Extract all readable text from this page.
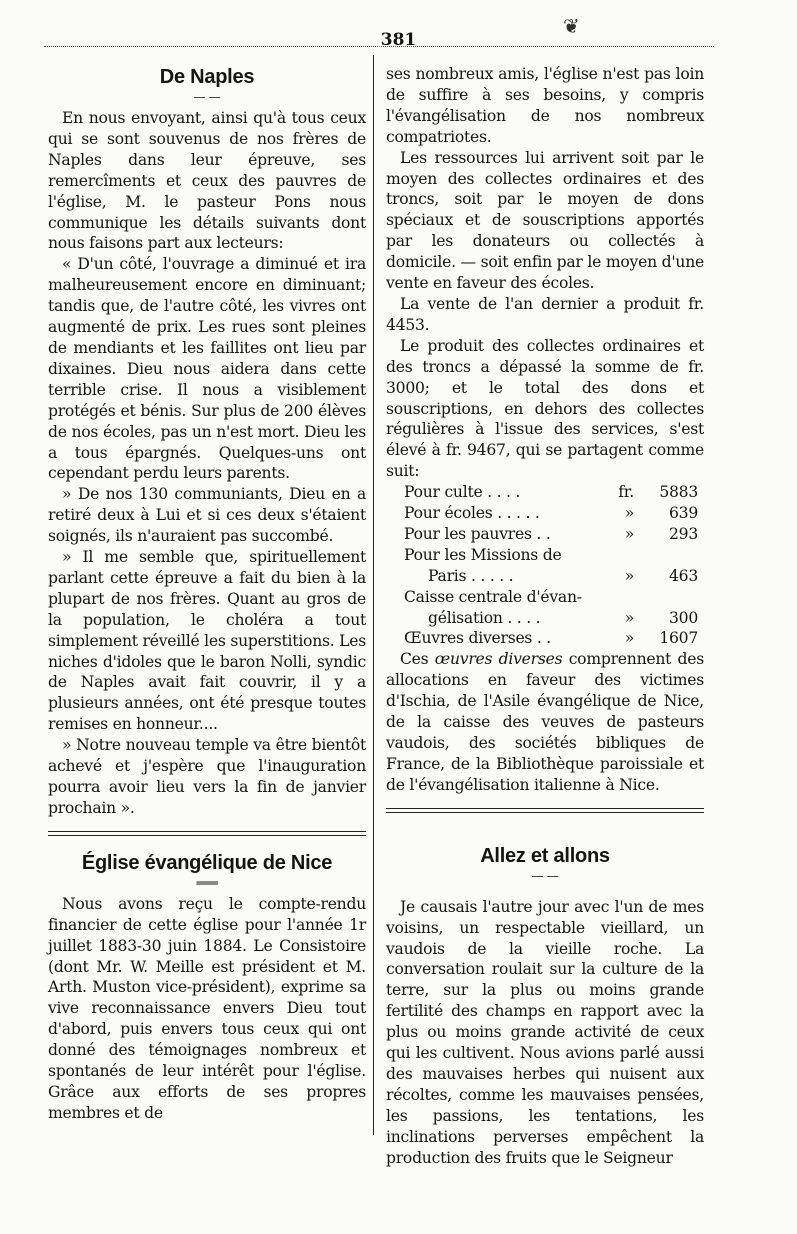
❦
381
De Naples
— —

En nous envoyant, ainsi qu'à tous ceux qui se sont souvenus de nos frères de Naples dans leur épreuve, ses remercîments et ceux des pauvres de l'église, M. le pasteur Pons nous communique les détails suivants dont nous faisons part aux lecteurs:

« D'un côté, l'ouvrage a diminué et ira malheureusement encore en diminuant; tandis que, de l'autre côté, les vivres ont augmenté de prix. Les rues sont pleines de mendiants et les faillites ont lieu par dixaines. Dieu nous aidera dans cette terrible crise. Il nous a visiblement protégés et bénis. Sur plus de 200 élèves de nos écoles, pas un n'est mort. Dieu les a tous épargnés. Quelques-uns ont cependant perdu leurs parents.

» De nos 130 communiants, Dieu en a retiré deux à Lui et si ces deux s'étaient soignés, ils n'auraient pas succombé.

» Il me semble que, spirituellement parlant cette épreuve a fait du bien à la plupart de nos frères. Quant au gros de la population, le choléra a tout simplement réveillé les superstitions. Les niches d'idoles que le baron Nolli, syndic de Naples avait fait couvrir, il y a plusieurs années, ont été presque toutes remises en honneur....

» Notre nouveau temple va être bientôt achevé et j'espère que l'inauguration pourra avoir lieu vers la fin de janvier prochain ».

Église évangélique de Nice
═══

Nous avons reçu le compte-rendu financier de cette église pour l'année 1r juillet 1883-30 juin 1884. Le Consistoire (dont Mr. W. Meille est président et M. Arth. Muston vice-président), exprime sa vive reconnaissance envers Dieu tout d'abord, puis envers tous ceux qui ont donné des témoignages nombreux et spontanés de leur intérêt pour l'église. Grâce aux efforts de ses propres membres et de

ses nombreux amis, l'église n'est pas loin de suffire à ses besoins, y compris l'évangélisation de nos nombreux compatriotes.

Les ressources lui arrivent soit par le moyen des collectes ordinaires et des troncs, soit par le moyen de dons spéciaux et de souscriptions apportés par les donateurs ou collectés à domicile. — soit enfin par le moyen d'une vente en faveur des écoles.

La vente de l'an dernier a produit fr. 4453.

Le produit des collectes ordinaires et des troncs a dépassé la somme de fr. 3000; et le total des dons et souscriptions, en dehors des collectes régulières à l'issue des services, s'est élevé à fr. 9467, qui se partagent comme suit:

Pour culte . . . .	fr.	5883
Pour écoles . . . . .	»	639
Pour les pauvres . .	»	293
Pour les Missions de		
Paris . . . . .	»	463
Caisse centrale d'évan-		
gélisation . . . .	»	300
Œuvres diverses . .	»	1607

Ces œuvres diverses comprennent des allocations en faveur des victimes d'Ischia, de l'Asile évangélique de Nice, de la caisse des veuves de pasteurs vaudois, des sociétés bibliques de France, de la Bibliothèque paroissiale et de l'évangélisation italienne à Nice.

Allez et allons
— —

Je causais l'autre jour avec l'un de mes voisins, un respectable vieillard, un vaudois de la vieille roche. La conversation roulait sur la culture de la terre, sur la plus ou moins grande fertilité des champs en rapport avec la plus ou moins grande activité de ceux qui les cultivent. Nous avions parlé aussi des mauvaises herbes qui nuisent aux récoltes, comme les mauvaises pensées, les passions, les tentations, les inclinations perverses empêchent la production des fruits que le Seigneur
